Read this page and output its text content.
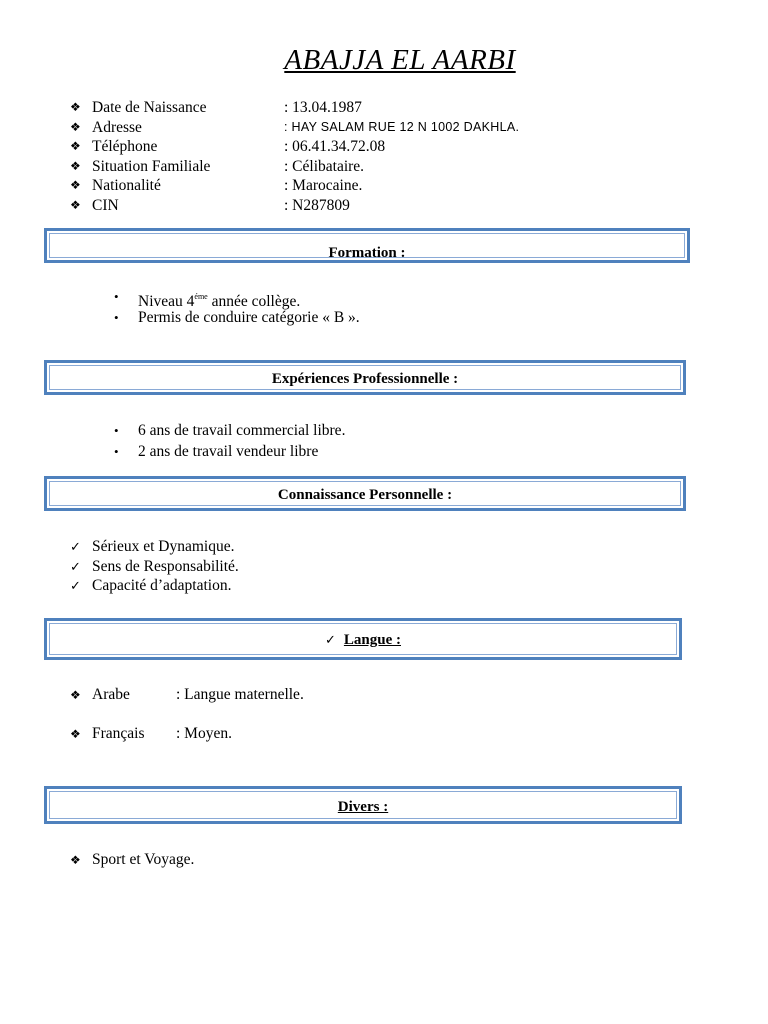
ABAJJA EL AARBI
❖ Date de Naissance	: 13.04.1987
❖ Adresse	: HAY SALAM RUE 12 N 1002 DAKHLA.
❖ Téléphone	: 06.41.34.72.08
❖ Situation Familiale	: Célibataire.
❖ Nationalité	: Marocaine.
❖ CIN	: N287809
Formation :
• Niveau $4^{éme}$ année collège.
• Permis de conduire catégorie « B ».
Expériences Professionnelle :
• 6 ans de travail commercial libre.
• 2 ans de travail vendeur libre
Connaissance Personnelle :
✓ Sérieux et Dynamique.
✓ Sens de Responsabilité.
✓ Capacité d’adaptation.
✓ Langue :
❖ Arabe	: Langue maternelle.
❖ Français : Moyen.
Divers :
❖ Sport et Voyage.
